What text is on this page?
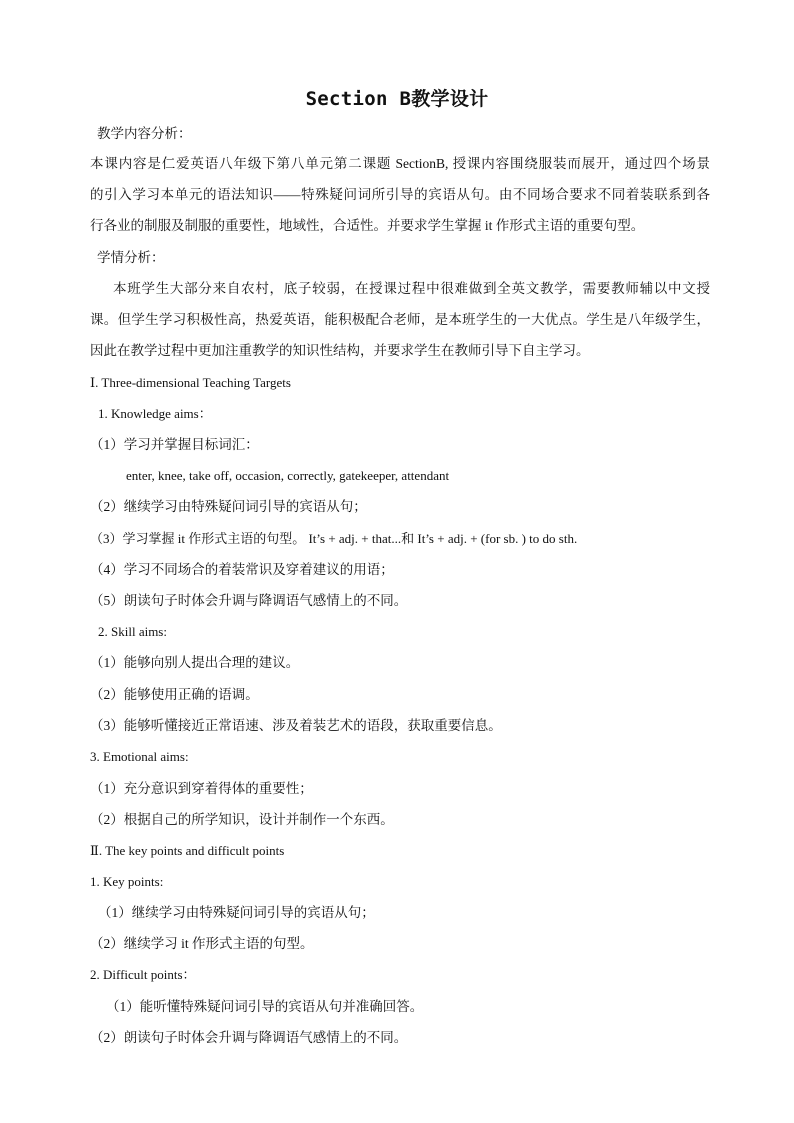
Section B教学设计
教学内容分析：
本课内容是仁爱英语八年级下第八单元第二课题 SectionB, 授课内容围绕服装而展开，通过四个场景
的引入学习本单元的语法知识——特殊疑问词所引导的宾语从句。由不同场合要求不同着装联系到各
行各业的制服及制服的重要性，地域性，合适性。并要求学生掌握 it 作形式主语的重要句型。
学情分析：
本班学生大部分来自农村，底子较弱，在授课过程中很难做到全英文教学，需要教师辅以中文授
课。但学生学习积极性高，热爱英语，能积极配合老师，是本班学生的一大优点。学生是八年级学生，
因此在教学过程中更加注重教学的知识性结构，并要求学生在教师引导下自主学习。
Ⅰ. Three-dimensional Teaching Targets
1. Knowledge aims：
（1）学习并掌握目标词汇：
enter, knee, take off, occasion, correctly, gatekeeper, attendant
（2）继续学习由特殊疑问词引导的宾语从句；
（3）学习掌握 it 作形式主语的句型。 It’s + adj. + that...和 It’s + adj. + (for sb. ) to do sth.
（4）学习不同场合的着装常识及穿着建议的用语；
（5）朗读句子时体会升调与降调语气感情上的不同。
2. Skill aims:
（1）能够向别人提出合理的建议。
（2）能够使用正确的语调。
（3）能够听懂接近正常语速、涉及着装艺术的语段，获取重要信息。
3. Emotional aims:
（1）充分意识到穿着得体的重要性；
（2）根据自己的所学知识，设计并制作一个东西。
Ⅱ. The key points and difficult points
1. Key points:
（1）继续学习由特殊疑问词引导的宾语从句；
（2）继续学习 it 作形式主语的句型。
2. Difficult points：
（1）能听懂特殊疑问词引导的宾语从句并准确回答。
（2）朗读句子时体会升调与降调语气感情上的不同。
